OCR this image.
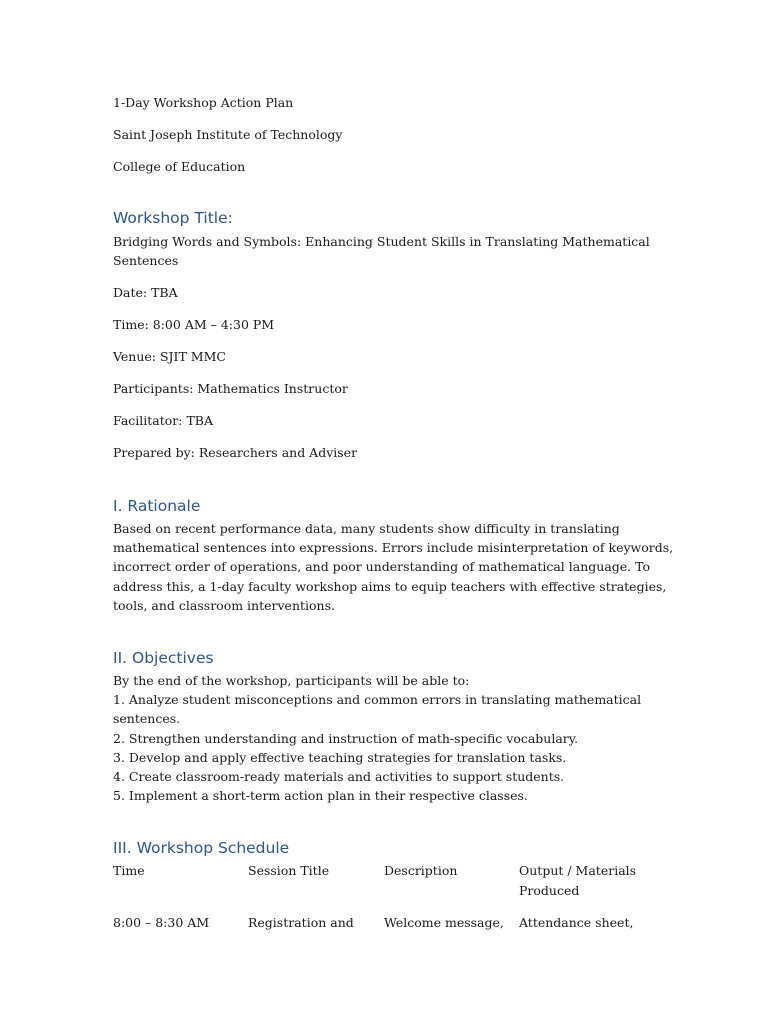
1-Day Workshop Action Plan
Saint Joseph Institute of Technology
College of Education
Workshop Title:
Bridging Words and Symbols: Enhancing Student Skills in Translating Mathematical
Sentences
Date: TBA
Time: 8:00 AM – 4:30 PM
Venue: SJIT MMC
Participants: Mathematics Instructor
Facilitator: TBA
Prepared by: Researchers and Adviser
I. Rationale
Based on recent performance data, many students show difficulty in translating
mathematical sentences into expressions. Errors include misinterpretation of keywords,
incorrect order of operations, and poor understanding of mathematical language. To
address this, a 1-day faculty workshop aims to equip teachers with effective strategies,
tools, and classroom interventions.
II. Objectives
By the end of the workshop, participants will be able to:
1. Analyze student misconceptions and common errors in translating mathematical
sentences.
2. Strengthen understanding and instruction of math-specific vocabulary.
3. Develop and apply effective teaching strategies for translation tasks.
4. Create classroom-ready materials and activities to support students.
5. Implement a short-term action plan in their respective classes.
III. Workshop Schedule
Time	Session Title	Description	Output / Materials
Produced
8:00 – 8:30 AM	Registration and	Welcome message,	Attendance sheet,
